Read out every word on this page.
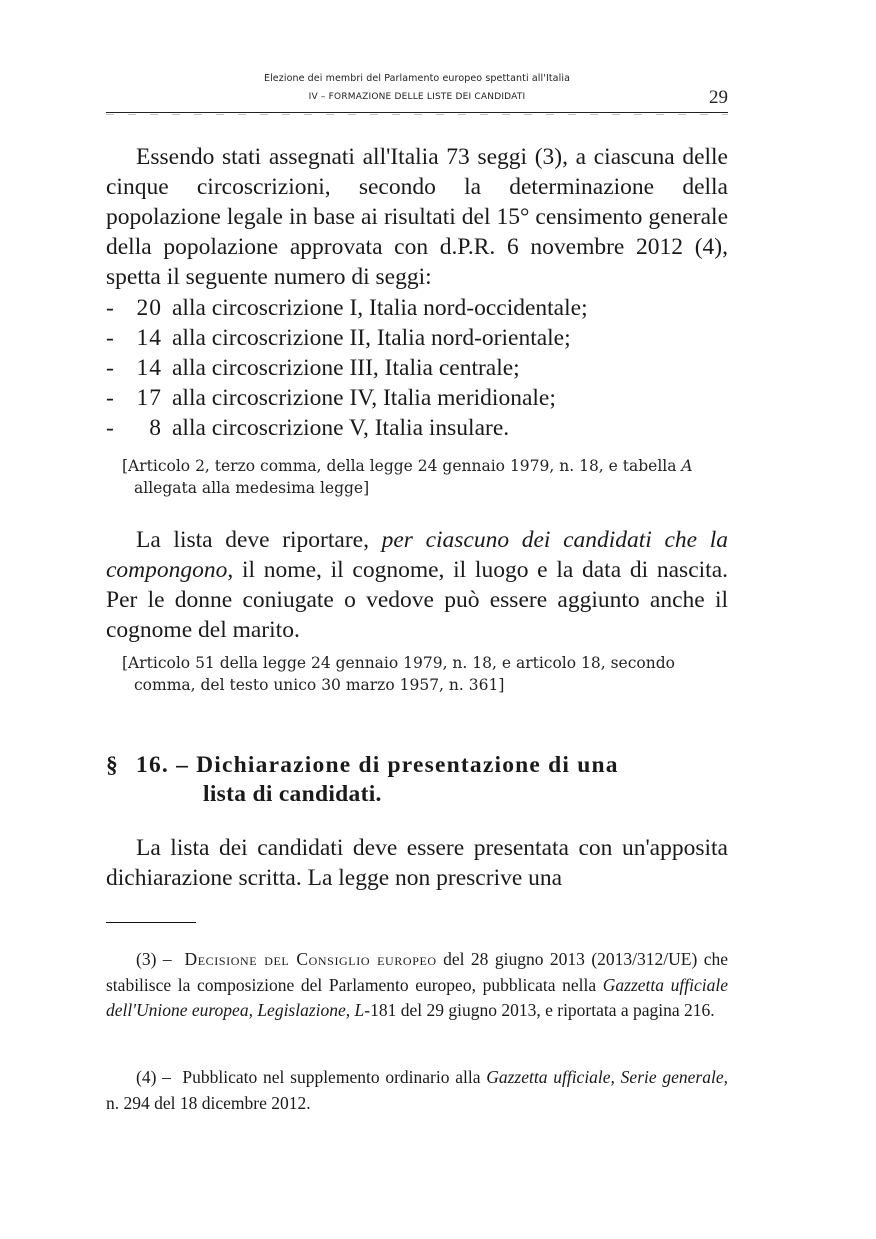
Elezione dei membri del Parlamento europeo spettanti all'Italia
IV – FORMAZIONE DELLE LISTE DEI CANDIDATI	29
Essendo stati assegnati all'Italia 73 seggi (3), a ciascuna delle cinque circoscrizioni, secondo la determinazione della popolazione legale in base ai risultati del 15° censimento generale della popolazione approvata con d.P.R. 6 novembre 2012 (4), spetta il seguente numero di seggi:
- 20 alla circoscrizione I, Italia nord-occidentale;
- 14 alla circoscrizione II, Italia nord-orientale;
- 14 alla circoscrizione III, Italia centrale;
- 17 alla circoscrizione IV, Italia meridionale;
-	8 alla circoscrizione V, Italia insulare.
[Articolo 2, terzo comma, della legge 24 gennaio 1979, n. 18, e tabella A
allegata alla medesima legge]
La lista deve riportare, per ciascuno dei candidati che la compongono, il nome, il cognome, il luogo e la data di nascita. Per le donne coniugate o vedove può essere aggiunto anche il cognome del marito.
[Articolo 51 della legge 24 gennaio 1979, n. 18, e articolo 18, secondo
comma, del testo unico 30 marzo 1957, n. 361]
§ 16. – Dichiarazione di presentazione di una
lista di candidati.
La lista dei candidati deve essere presentata con un'apposita dichiarazione scritta. La legge non prescrive una
(3) – Decisione del Consiglio europeo del 28 giugno 2013 (2013/312/UE) che stabilisce la composizione del Parlamento europeo, pubblicata nella Gazzetta ufficiale dell'Unione europea, Legislazione, L-181 del 29 giugno 2013, e riportata a pagina 216.
(4) – Pubblicato nel supplemento ordinario alla Gazzetta ufficiale, Serie generale, n. 294 del 18 dicembre 2012.
